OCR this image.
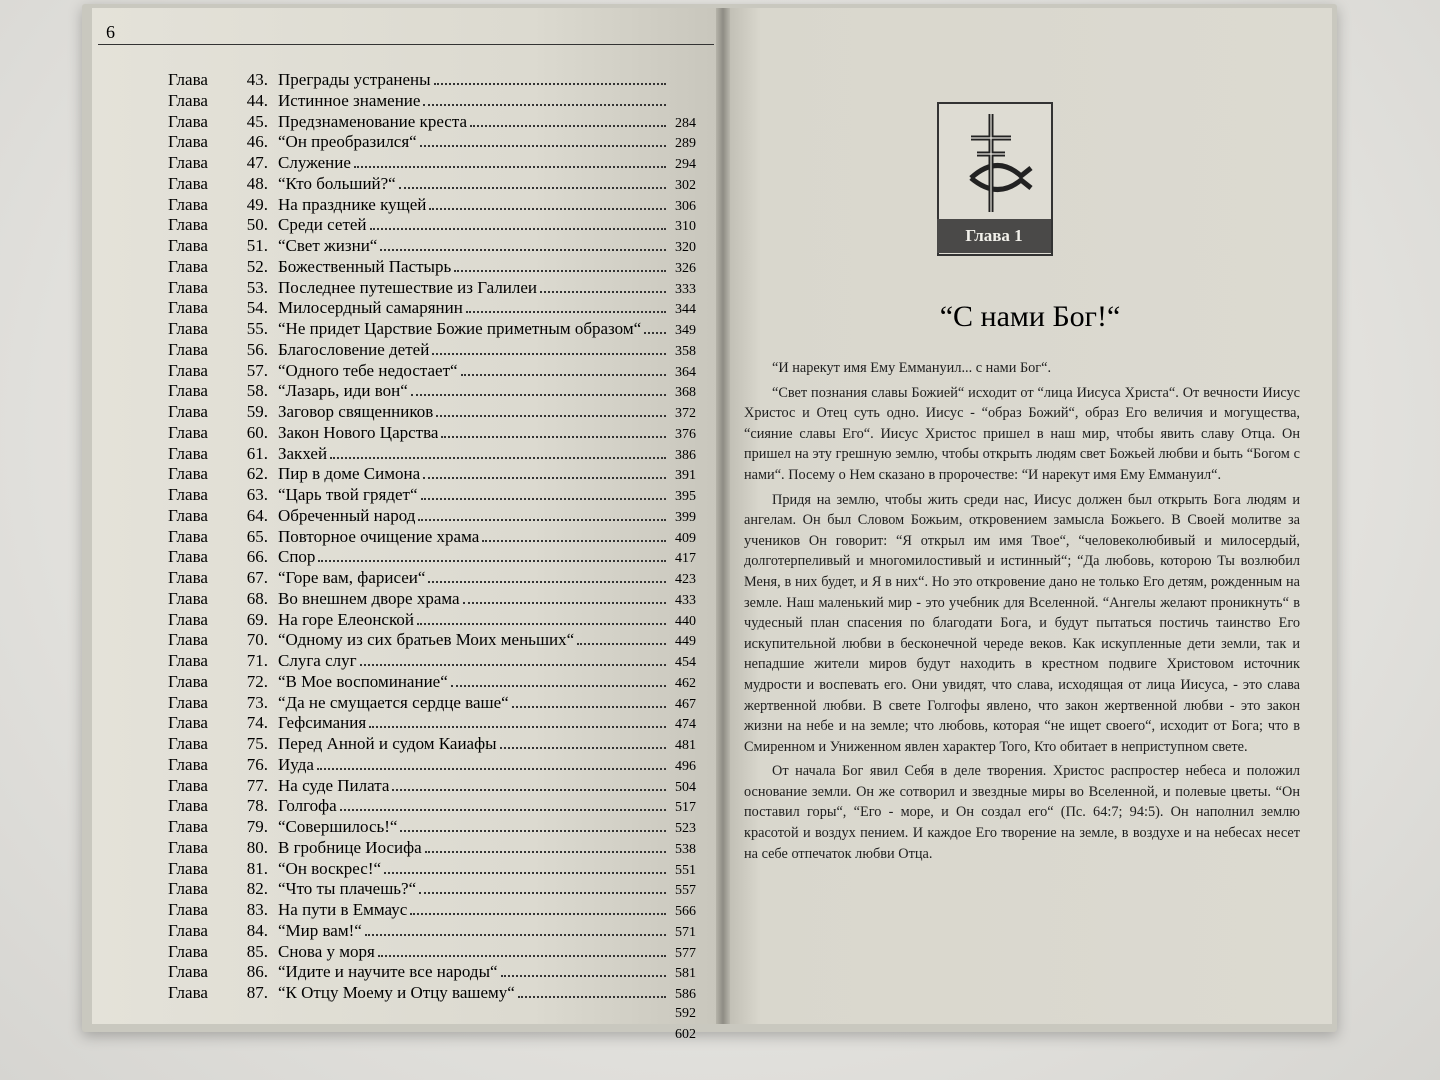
6
Глава 43. Преграды устранены
Глава 44. Истинное знамение
Глава 45. Предзнаменование креста	284
Глава 46. “Он преобразился“	289
Глава 47. Служение	294
Глава 48. “Кто больший?“	302
Глава 49. На празднике кущей	306
Глава 50. Среди сетей	310
Глава 51. “Свет жизни“	320
Глава 52. Божественный Пастырь	326
Глава 53. Последнее путешествие из Галилеи	333
Глава 54. Милосердный самарянин	344
Глава 55. “Не придет Царствие Божие приметным образом“	349
Глава 56. Благословение детей	358
Глава 57. “Одного тебе недостает“	364
Глава 58. “Лазарь, иди вон“	368
Глава 59. Заговор священников	372
Глава 60. Закон Нового Царства	376
Глава 61. Закхей	386
Глава 62. Пир в доме Симона	391
Глава 63. “Царь твой грядет“	395
Глава 64. Обреченный народ	399
Глава 65. Повторное очищение храма	409
Глава 66. Спор	417
Глава 67. “Горе вам, фарисеи“	423
Глава 68. Во внешнем дворе храма	433
Глава 69. На горе Елеонской	440
Глава 70. “Одному из сих братьев Моих меньших“	449
Глава 71. Слуга слуг	454
Глава 72. “В Мое воспоминание“	462
Глава 73. “Да не смущается сердце ваше“	467
Глава 74. Гефсимания	474
Глава 75. Перед Анной и судом Каиафы	481
Глава 76. Иуда	496
Глава 77. На суде Пилата	504
Глава 78. Голгофа	517
Глава 79. “Совершилось!“	523
Глава 80. В гробнице Иосифа	538
Глава 81. “Он воскрес!“	551
Глава 82. “Что ты плачешь?“	557
Глава 83. На пути в Еммаус	566
Глава 84. “Мир вам!“	571
Глава 85. Снова у моря	577
Глава 86. “Идите и научите все народы“	581
Глава 87. “К Отцу Моему и Отцу вашему“	586
592
602
Глава 1
“С нами Бог!“

“И нарекут имя Ему Еммануил... с нами Бог“.

“Свет познания славы Божией“ исходит от “лица Иисуса Христа“. От вечности Иисус Христос и Отец суть одно. Иисус - “образ Божий“, образ Его величия и могущества, “сияние славы Его“. Иисус Христос пришел в наш мир, чтобы явить славу Отца. Он пришел на эту грешную землю, чтобы открыть людям свет Божьей любви и быть “Богом с нами“. Посему о Нем сказано в пророчестве: “И нарекут имя Ему Еммануил“.

Придя на землю, чтобы жить среди нас, Иисус должен был открыть Бога людям и ангелам. Он был Словом Божьим, откровением замысла Божьего. В Своей молитве за учеников Он говорит: “Я открыл им имя Твое“, “человеколюбивый и милосердый, долготерпеливый и многомилостивый и истинный“; “Да любовь, которою Ты возлюбил Меня, в них будет, и Я в них“. Но это откровение дано не только Его детям, рожденным на земле. Наш маленький мир - это учебник для Вселенной. “Ангелы желают проникнуть“ в чудесный план спасения по благодати Бога, и будут пытаться постичь таинство Его искупительной любви в бесконечной череде веков. Как искупленные дети земли, так и непадшие жители миров будут находить в крестном подвиге Христовом источник мудрости и воспевать его. Они увидят, что слава, исходящая от лица Иисуса, - это слава жертвенной любви. В свете Голгофы явлено, что закон жертвенной любви - это закон жизни на небе и на земле; что любовь, которая “не ищет своего“, исходит от Бога; что в Смиренном и Униженном явлен характер Того, Кто обитает в неприступном свете.

От начала Бог явил Себя в деле творения. Христос распростер небеса и положил основание земли. Он же сотворил и звездные миры во Вселенной, и полевые цветы. “Он поставил горы“, “Его - море, и Он создал его“ (Пс. 64:7; 94:5). Он наполнил землю красотой и воздух пением. И каждое Его творение на земле, в воздухе и на небесах несет на себе отпечаток любви Отца.
